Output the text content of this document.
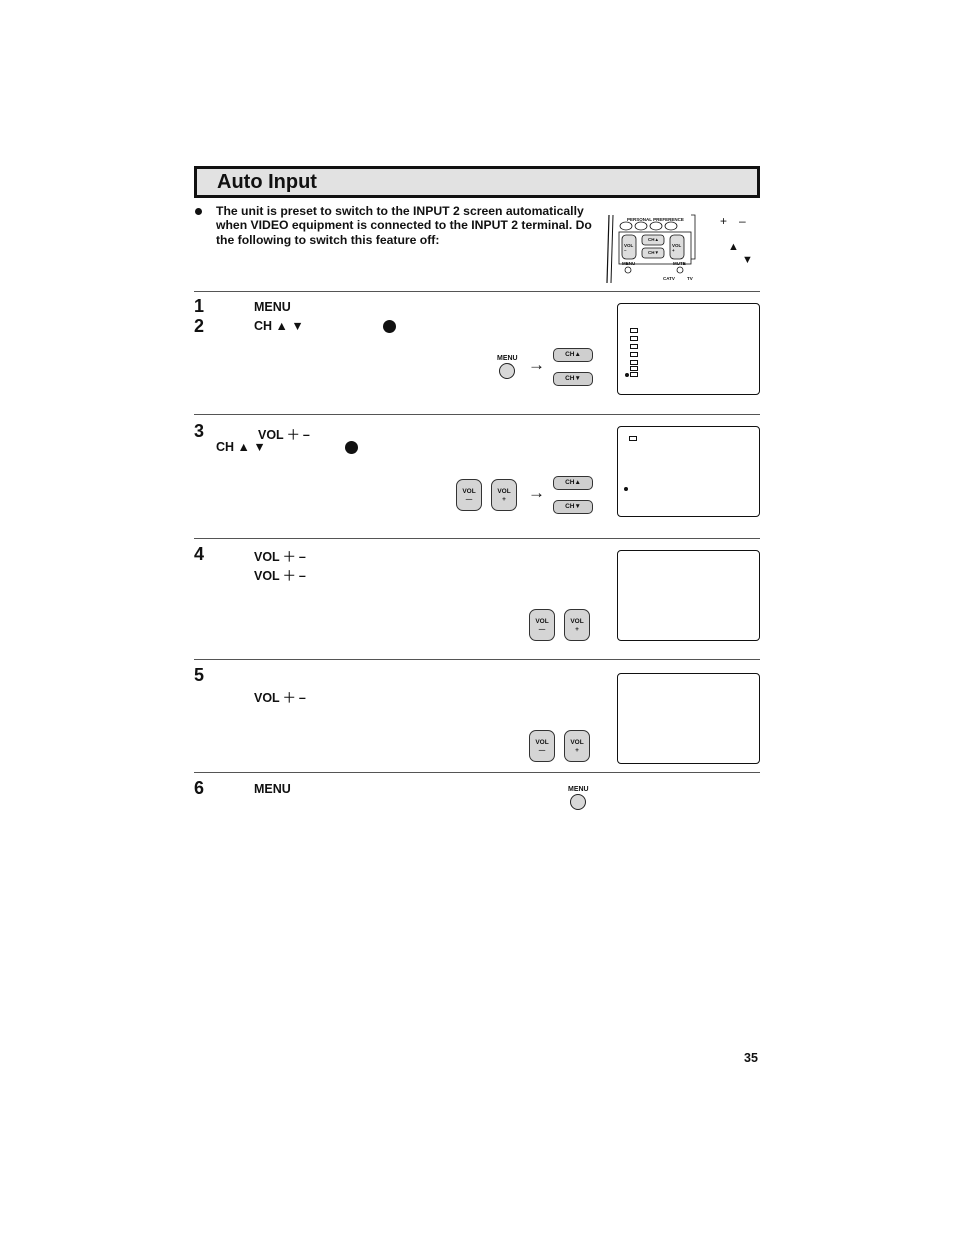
Auto Input
The unit is preset to switch to the INPUT 2 screen automatically when VIDEO equipment is connected to the INPUT 2 terminal. Do the following to switch this feature off:
PERSONAL PREFERENCE
VOL –
VOL +
CH▲
CH▼
MENU	MUTE
CATV	TV
+ –
▲
▼
1	MENU
2	CH ▲ ▼
MENU →
CH▲
CH▼
3	VOL ＋ –
CH ▲ ▼
VOL
—
VOL
+	→
CH▲
CH▼
4	VOL ＋ –
VOL ＋ –
VOL
—
VOL
+
5
VOL ＋ –
VOL
—
VOL
+
6	MENU	MENU
35
